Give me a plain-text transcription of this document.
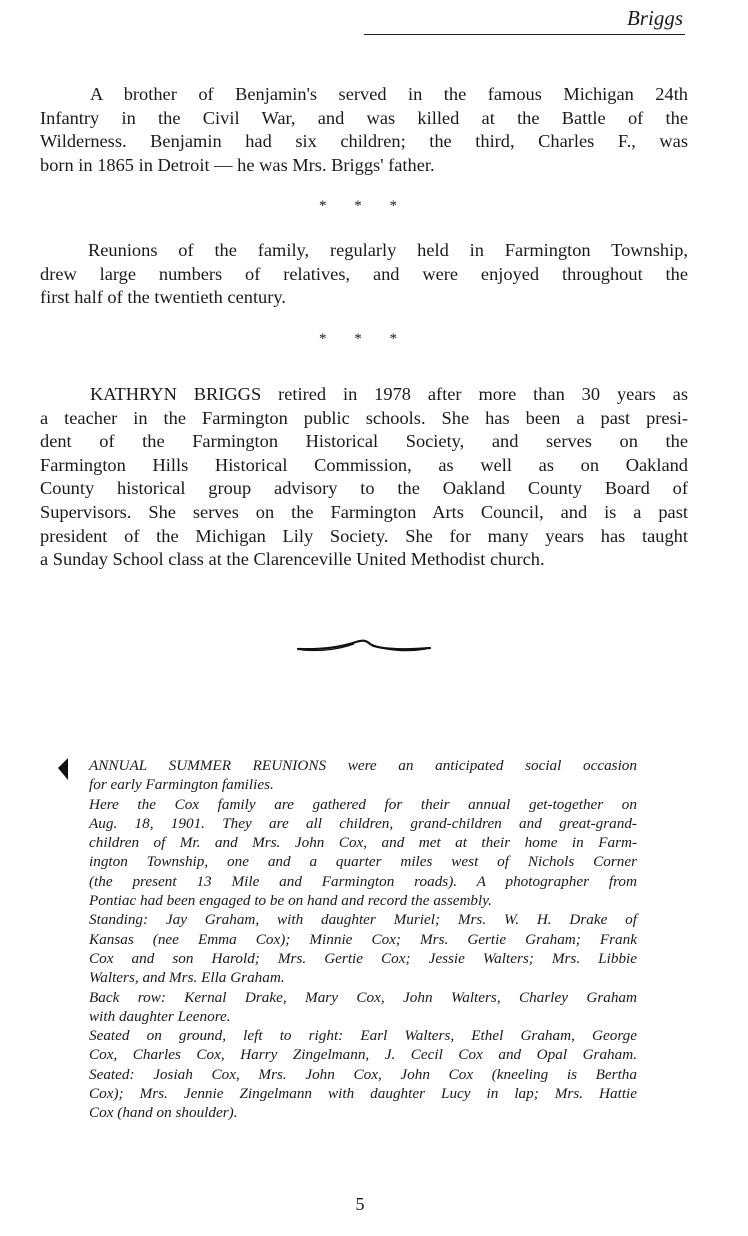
Briggs
A brother of Benjamin's served in the famous Michigan 24th
Infantry in the Civil War, and was killed at the Battle of the
Wilderness. Benjamin had six children; the third, Charles F., was
born in 1865 in Detroit — he was Mrs. Briggs' father.
* * *
Reunions of the family, regularly held in Farmington Township,
drew large numbers of relatives, and were enjoyed throughout the
first half of the twentieth century.
* * *
KATHRYN BRIGGS retired in 1978 after more than 30 years as
a teacher in the Farmington public schools. She has been a past presi-
dent of the Farmington Historical Society, and serves on the
Farmington Hills Historical Commission, as well as on Oakland
County historical group advisory to the Oakland County Board of
Supervisors. She serves on the Farmington Arts Council, and is a past
president of the Michigan Lily Society. She for many years has taught
a Sunday School class at the Clarenceville United Methodist church.
ANNUAL SUMMER REUNIONS were an anticipated social occasion
for early Farmington families.
Here the Cox family are gathered for their annual get-together on
Aug. 18, 1901. They are all children, grand-children and great-grand-
children of Mr. and Mrs. John Cox, and met at their home in Farm-
ington Township, one and a quarter miles west of Nichols Corner
(the present 13 Mile and Farmington roads). A photographer from
Pontiac had been engaged to be on hand and record the assembly.
Standing: Jay Graham, with daughter Muriel; Mrs. W. H. Drake of
Kansas (nee Emma Cox); Minnie Cox; Mrs. Gertie Graham; Frank
Cox and son Harold; Mrs. Gertie Cox; Jessie Walters; Mrs. Libbie
Walters, and Mrs. Ella Graham.
Back row: Kernal Drake, Mary Cox, John Walters, Charley Graham
with daughter Leenore.
Seated on ground, left to right: Earl Walters, Ethel Graham, George
Cox, Charles Cox, Harry Zingelmann, J. Cecil Cox and Opal Graham.
Seated: Josiah Cox, Mrs. John Cox, John Cox (kneeling is Bertha
Cox); Mrs. Jennie Zingelmann with daughter Lucy in lap; Mrs. Hattie
Cox (hand on shoulder).
5
